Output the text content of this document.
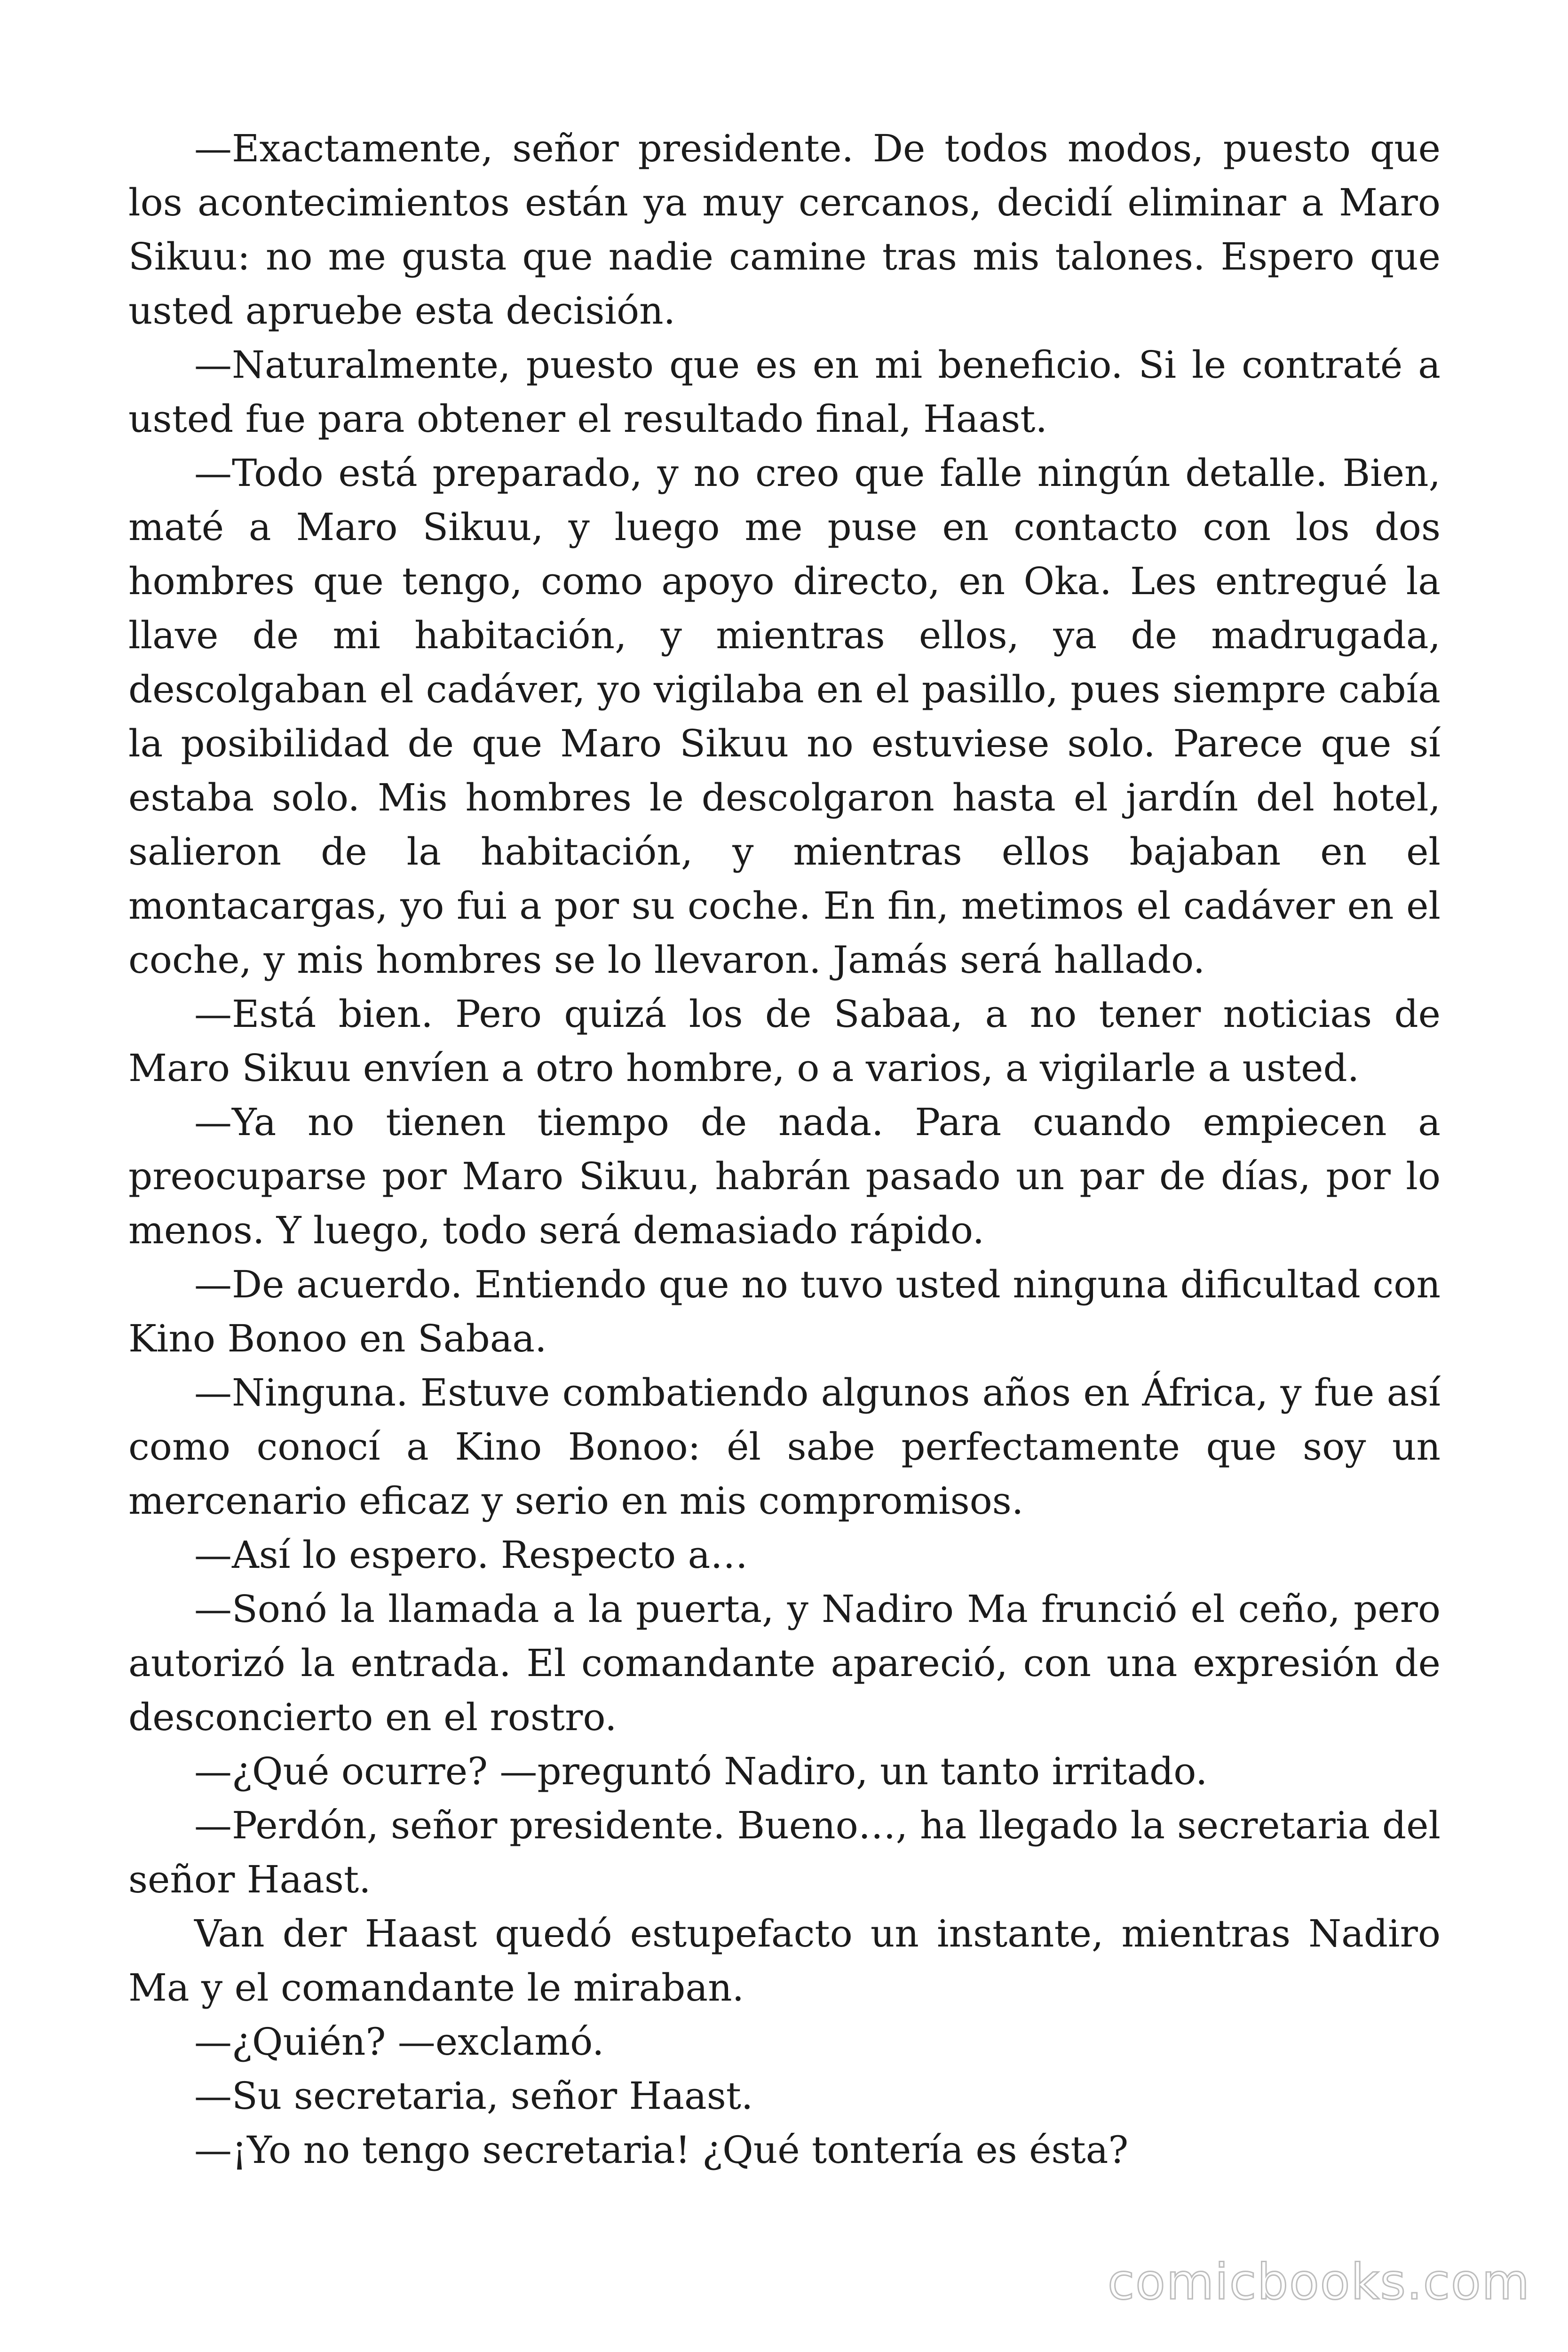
—Exactamente, señor presidente. De todos modos, puesto que los acontecimientos están ya muy cercanos, decidí eliminar a Maro Sikuu: no me gusta que nadie camine tras mis talones. Espero que usted apruebe esta decisión.

—Naturalmente, puesto que es en mi beneficio. Si le contraté a usted fue para obtener el resultado final, Haast.

—Todo está preparado, y no creo que falle ningún detalle. Bien, maté a Maro Sikuu, y luego me puse en contacto con los dos hombres que tengo, como apoyo directo, en Oka. Les entregué la llave de mi habitación, y mientras ellos, ya de madrugada, descolgaban el cadáver, yo vigilaba en el pasillo, pues siempre cabía la posibilidad de que Maro Sikuu no estuviese solo. Parece que sí estaba solo. Mis hombres le descolgaron hasta el jardín del hotel, salieron de la habitación, y mientras ellos bajaban en el montacargas, yo fui a por su coche. En fin, metimos el cadáver en el coche, y mis hombres se lo llevaron. Jamás será hallado.

—Está bien. Pero quizá los de Sabaa, a no tener noticias de Maro Sikuu envíen a otro hombre, o a varios, a vigilarle a usted.

—Ya no tienen tiempo de nada. Para cuando empiecen a preocuparse por Maro Sikuu, habrán pasado un par de días, por lo menos. Y luego, todo será demasiado rápido.

—De acuerdo. Entiendo que no tuvo usted ninguna dificultad con Kino Bonoo en Sabaa.

—Ninguna. Estuve combatiendo algunos años en África, y fue así como conocí a Kino Bonoo: él sabe perfectamente que soy un mercenario eficaz y serio en mis compromisos.

—Así lo espero. Respecto a…

—Sonó la llamada a la puerta, y Nadiro Ma frunció el ceño, pero autorizó la entrada. El comandante apareció, con una expresión de desconcierto en el rostro.

—¿Qué ocurre? —preguntó Nadiro, un tanto irritado.

—Perdón, señor presidente. Bueno…, ha llegado la secretaria del señor Haast.

Van der Haast quedó estupefacto un instante, mientras Nadiro Ma y el comandante le miraban.

—¿Quién? —exclamó.

—Su secretaria, señor Haast.

—¡Yo no tengo secretaria! ¿Qué tontería es ésta?

comicbooks.com
